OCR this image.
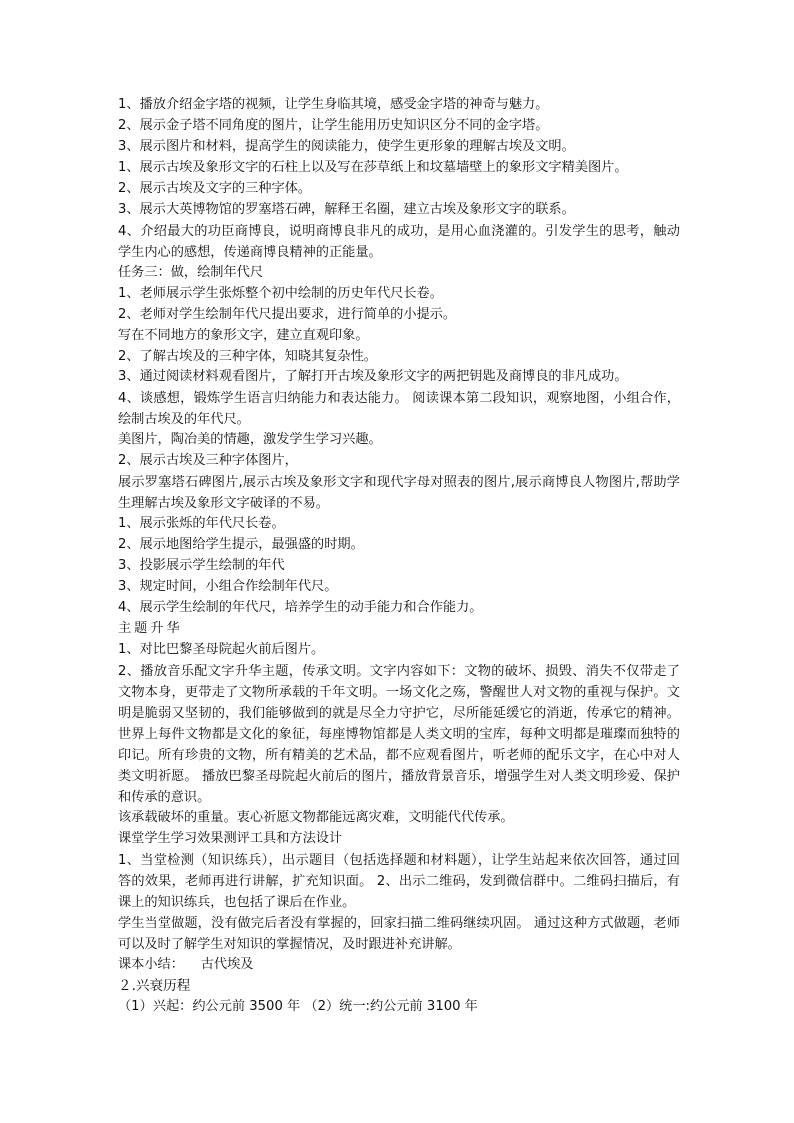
1、播放介绍金字塔的视频，让学生身临其境，感受金字塔的神奇与魅力。
2、展示金子塔不同角度的图片，让学生能用历史知识区分不同的金字塔。
3、展示图片和材料，提高学生的阅读能力，使学生更形象的理解古埃及文明。
1、展示古埃及象形文字的石柱上以及写在莎草纸上和坟墓墙壁上的象形文字精美图片。
2、展示古埃及文字的三种字体。
3、展示大英博物馆的罗塞塔石碑，解释王名圈，建立古埃及象形文字的联系。
4、介绍最大的功臣商博良，说明商博良非凡的成功，是用心血浇灌的。引发学生的思考，触动学生内心的感想，传递商博良精神的正能量。
任务三：做，绘制年代尺
1、老师展示学生张烁整个初中绘制的历史年代尺长卷。
2、老师对学生绘制年代尺提出要求，进行简单的小提示。
写在不同地方的象形文字，建立直观印象。
2、了解古埃及的三种字体，知晓其复杂性。
3、通过阅读材料观看图片，了解打开古埃及象形文字的两把钥匙及商博良的非凡成功。
4、谈感想，锻炼学生语言归纳能力和表达能力。 阅读课本第二段知识，观察地图，小组合作，绘制古埃及的年代尺。
美图片，陶冶美的情趣，激发学生学习兴趣。
2、展示古埃及三种字体图片，
展示罗塞塔石碑图片,展示古埃及象形文字和现代字母对照表的图片,展示商博良人物图片,帮助学生理解古埃及象形文字破译的不易。
1、展示张烁的年代尺长卷。
2、展示地图给学生提示，最强盛的时期。
3、投影展示学生绘制的年代
3、规定时间，小组合作绘制年代尺。
4、展示学生绘制的年代尺，培养学生的动手能力和合作能力。
主题升华
1、对比巴黎圣母院起火前后图片。
2、播放音乐配文字升华主题，传承文明。文字内容如下：文物的破坏、损毁、消失不仅带走了文物本身，更带走了文物所承载的千年文明。一场文化之殇，警醒世人对文物的重视与保护。文明是脆弱又坚韧的，我们能够做到的就是尽全力守护它，尽所能延缓它的消逝，传承它的精神。世界上每件文物都是文化的象征，每座博物馆都是人类文明的宝库，每种文明都是璀璨而独特的印记。所有珍贵的文物，所有精美的艺术品，都不应观看图片，听老师的配乐文字，在心中对人类文明祈愿。 播放巴黎圣母院起火前后的图片，播放背景音乐，增强学生对人类文明珍爱、保护和传承的意识。
该承载破坏的重量。衷心祈愿文物都能远离灾难，文明能代代传承。
课堂学生学习效果测评工具和方法设计
1、当堂检测（知识练兵），出示题目（包括选择题和材料题），让学生站起来依次回答，通过回答的效果，老师再进行讲解，扩充知识面。 2、出示二维码，发到微信群中。二维码扫描后，有课上的知识练兵，也包括了课后在作业。
学生当堂做题，没有做完后者没有掌握的，回家扫描二维码继续巩固。 通过这种方式做题，老师可以及时了解学生对知识的掌握情况，及时跟进补充讲解。
课本小结：    古代埃及
２.兴衰历程
（1）兴起：约公元前 3500 年 （2）统一:约公元前 3100 年
